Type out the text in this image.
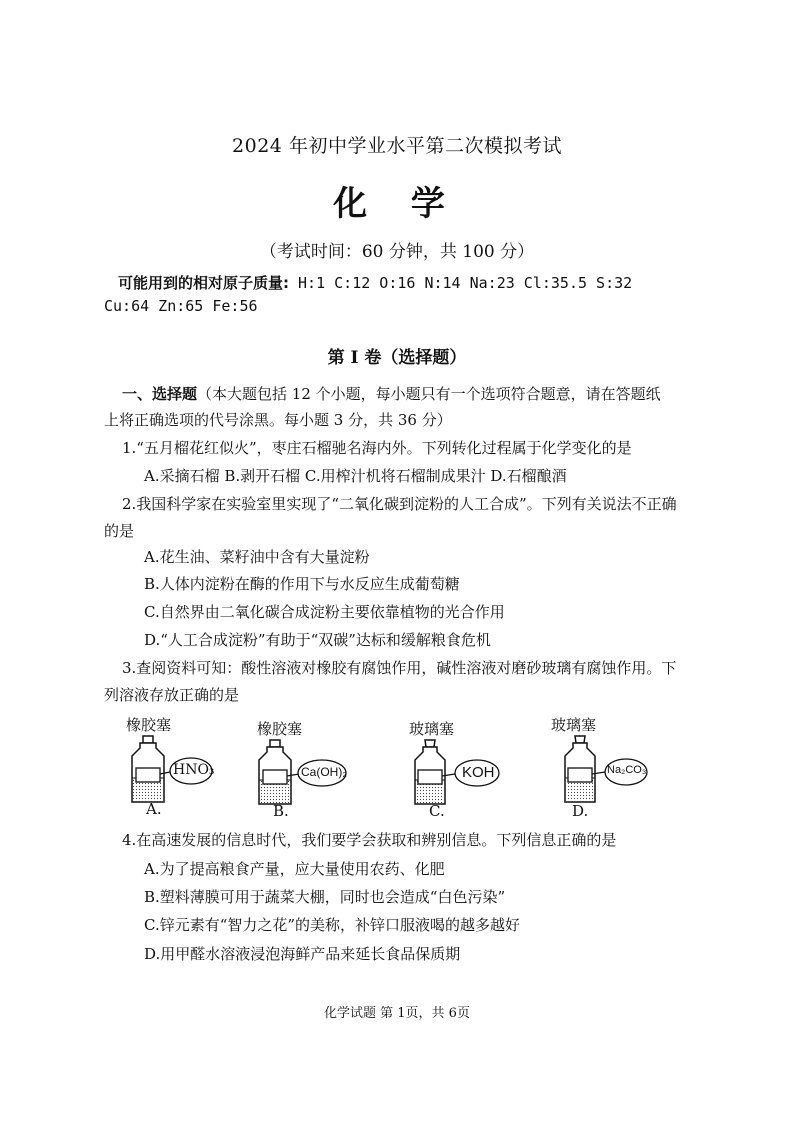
2024 年初中学业水平第二次模拟考试
化 学
（考试时间：60 分钟，共 100 分）
可能用到的相对原子质量: H:1 C:12 O:16 N:14 Na:23 Cl:35.5 S:32
Cu:64 Zn:65 Fe:56
第 I 卷（选择题）
一、选择题（本大题包括 12 个小题，每小题只有一个选项符合题意，请在答题纸
上将正确选项的代号涂黑。每小题 3 分，共 36 分）
1.“五月榴花红似火”，枣庄石榴驰名海内外。下列转化过程属于化学变化的是
A.采摘石榴 B.剥开石榴 C.用榨汁机将石榴制成果汁 D.石榴酿酒
2.我国科学家在实验室里实现了“二氧化碳到淀粉的人工合成”。下列有关说法不正确
的是
A.花生油、菜籽油中含有大量淀粉
B.人体内淀粉在酶的作用下与水反应生成葡萄糖
C.自然界由二氧化碳合成淀粉主要依靠植物的光合作用
D.“人工合成淀粉”有助于“双碳”达标和缓解粮食危机
3.查阅资料可知：酸性溶液对橡胶有腐蚀作用，碱性溶液对磨砂玻璃有腐蚀作用。下
列溶液存放正确的是
橡胶塞
HNO₃
A.
橡胶塞
Ca(OH)₂
B.
玻璃塞
KOH
C.
玻璃塞
Na₂CO₃
D.
4.在高速发展的信息时代，我们要学会获取和辨别信息。下列信息正确的是
A.为了提高粮食产量，应大量使用农药、化肥
B.塑料薄膜可用于蔬菜大棚，同时也会造成“白色污染”
C.锌元素有“智力之花”的美称，补锌口服液喝的越多越好
D.用甲醛水溶液浸泡海鲜产品来延长食品保质期
化学试题 第 1页，共 6页
